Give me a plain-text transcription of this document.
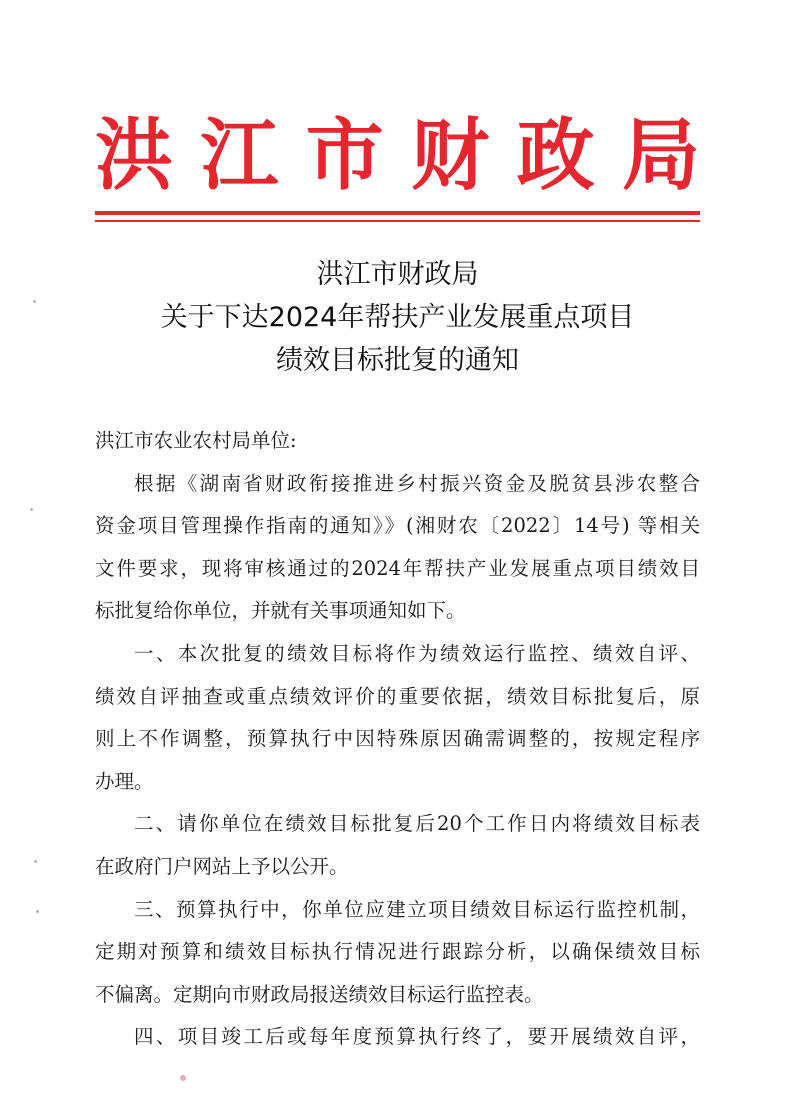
洪 江 市 财 政 局
洪江市财政局
关于下达2024年帮扶产业发展重点项目
绩效目标批复的通知
洪江市农业农村局单位:
根据《湖南省财政衔接推进乡村振兴资金及脱贫县涉农整合
资金项目管理操作指南的通知》》(湘财农〔2022〕14号) 等相关
文件要求，现将审核通过的2024年帮扶产业发展重点项目绩效目
标批复给你单位，并就有关事项通知如下。
一、本次批复的绩效目标将作为绩效运行监控、绩效自评、
绩效自评抽查或重点绩效评价的重要依据，绩效目标批复后，原
则上不作调整，预算执行中因特殊原因确需调整的，按规定程序
办理。
二、请你单位在绩效目标批复后20个工作日内将绩效目标表
在政府门户网站上予以公开。
三、预算执行中，你单位应建立项目绩效目标运行监控机制，
定期对预算和绩效目标执行情况进行跟踪分析，以确保绩效目标
不偏离。定期向市财政局报送绩效目标运行监控表。
四、项目竣工后或每年度预算执行终了，要开展绩效自评，
